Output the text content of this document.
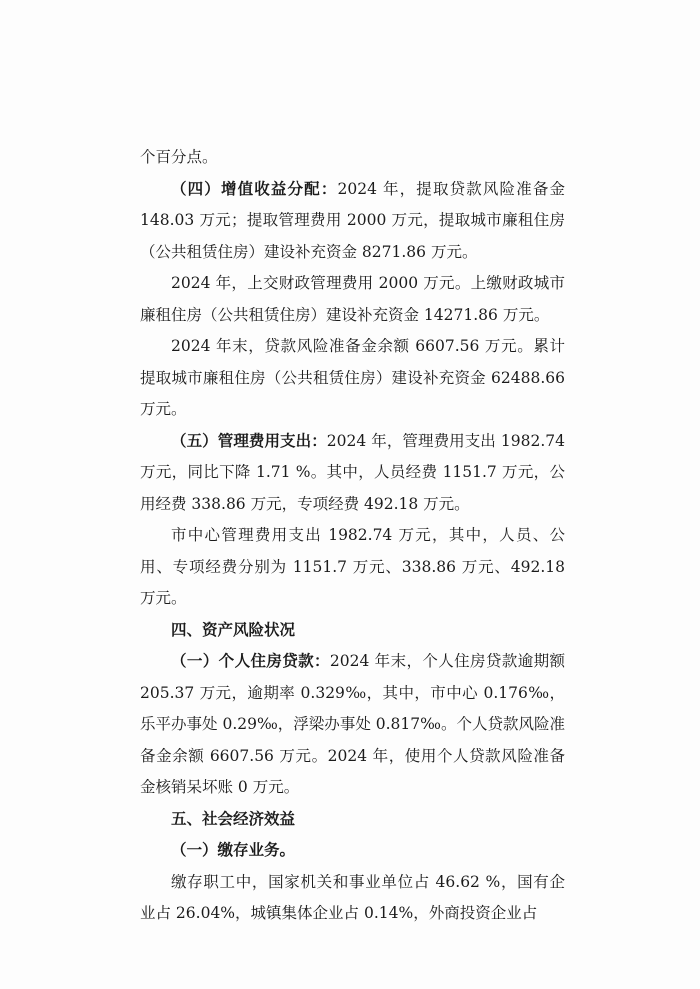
个百分点。

（四）增值收益分配：2024 年，提取贷款风险准备金 148.03 万元；提取管理费用 2000 万元，提取城市廉租住房（公共租赁住房）建设补充资金 8271.86 万元。

2024 年，上交财政管理费用 2000 万元。上缴财政城市廉租住房（公共租赁住房）建设补充资金 14271.86 万元。

2024 年末，贷款风险准备金余额 6607.56 万元。累计提取城市廉租住房（公共租赁住房）建设补充资金 62488.66 万元。

（五）管理费用支出：2024 年，管理费用支出 1982.74 万元，同比下降 1.71 %。其中，人员经费 1151.7 万元，公用经费 338.86 万元，专项经费 492.18 万元。

市中心管理费用支出 1982.74 万元，其中，人员、公用、专项经费分别为 1151.7 万元、338.86 万元、492.18 万元。

四、资产风险状况

（一）个人住房贷款：2024 年末，个人住房贷款逾期额 205.37 万元，逾期率 0.329‰，其中，市中心 0.176‰， 乐平办事处 0.29‰，浮梁办事处 0.817‰。个人贷款风险准备金余额 6607.56 万元。2024 年，使用个人贷款风险准备金核销呆坏账 0 万元。

五、社会经济效益

（一）缴存业务。

缴存职工中，国家机关和事业单位占 46.62 %，国有企业占 26.04%，城镇集体企业占 0.14%，外商投资企业占
